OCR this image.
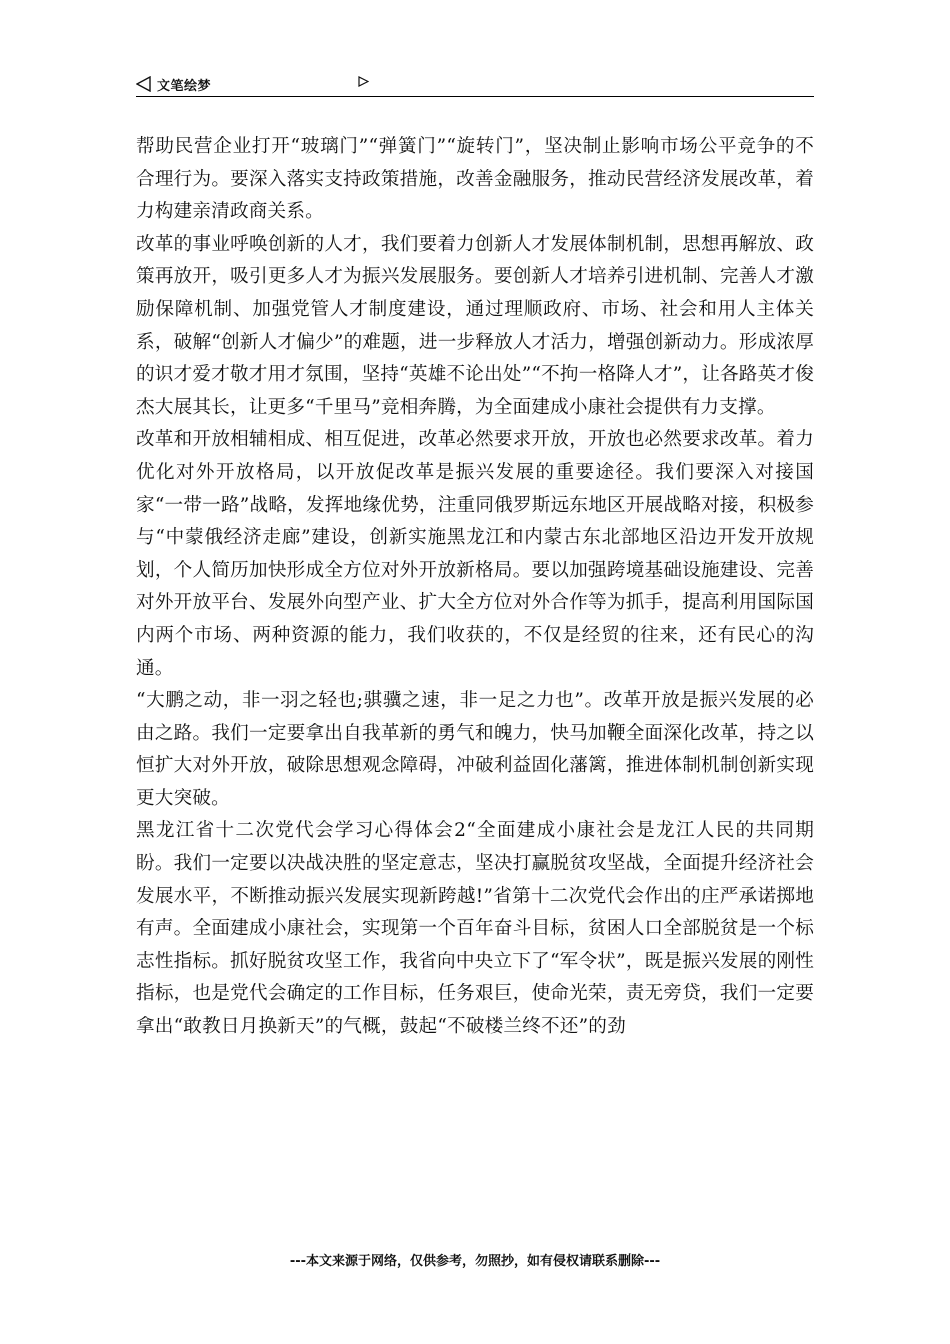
文笔绘梦

帮助民营企业打开“玻璃门”“弹簧门”“旋转门”，坚决制止影响市场公平竞争的不合理行为。要深入落实支持政策措施，改善金融服务，推动民营经济发展改革，着力构建亲清政商关系。

改革的事业呼唤创新的人才，我们要着力创新人才发展体制机制，思想再解放、政策再放开，吸引更多人才为振兴发展服务。要创新人才培养引进机制、完善人才激励保障机制、加强党管人才制度建设，通过理顺政府、市场、社会和用人主体关系，破解“创新人才偏少”的难题，进一步释放人才活力，增强创新动力。形成浓厚的识才爱才敬才用才氛围，坚持“英雄不论出处”“不拘一格降人才”，让各路英才俊杰大展其长，让更多“千里马”竞相奔腾，为全面建成小康社会提供有力支撑。

改革和开放相辅相成、相互促进，改革必然要求开放，开放也必然要求改革。着力优化对外开放格局，以开放促改革是振兴发展的重要途径。我们要深入对接国家“一带一路”战略，发挥地缘优势，注重同俄罗斯远东地区开展战略对接，积极参与“中蒙俄经济走廊”建设，创新实施黑龙江和内蒙古东北部地区沿边开发开放规划，个人简历加快形成全方位对外开放新格局。要以加强跨境基础设施建设、完善对外开放平台、发展外向型产业、扩大全方位对外合作等为抓手，提高利用国际国内两个市场、两种资源的能力，我们收获的，不仅是经贸的往来，还有民心的沟通。

“大鹏之动，非一羽之轻也;骐骥之速，非一足之力也”。改革开放是振兴发展的必由之路。我们一定要拿出自我革新的勇气和魄力，快马加鞭全面深化改革，持之以恒扩大对外开放，破除思想观念障碍，冲破利益固化藩篱，推进体制机制创新实现更大突破。

黑龙江省十二次党代会学习心得体会2“全面建成小康社会是龙江人民的共同期盼。我们一定要以决战决胜的坚定意志，坚决打赢脱贫攻坚战，全面提升经济社会发展水平，不断推动振兴发展实现新跨越!”省第十二次党代会作出的庄严承诺掷地有声。全面建成小康社会，实现第一个百年奋斗目标，贫困人口全部脱贫是一个标志性指标。抓好脱贫攻坚工作，我省向中央立下了“军令状”，既是振兴发展的刚性指标，也是党代会确定的工作目标，任务艰巨，使命光荣，责无旁贷，我们一定要拿出“敢教日月换新天”的气概，鼓起“不破楼兰终不还”的劲

---本文来源于网络，仅供参考，勿照抄，如有侵权请联系删除---
